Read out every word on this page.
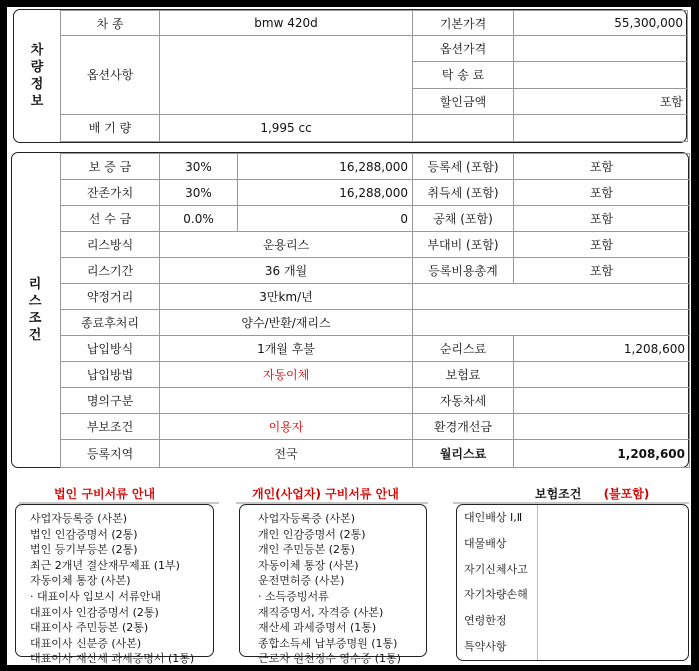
차
량
정
보
차 종	bmw 420d	기본가격	55,300,000
옵션사항		옵션가격	
		탁 송 료	
		할인금액	포함
배 기 량	1,995 cc		
리
스
조
건
보 증 금	30%	16,288,000	등록세 (포함)	포함
잔존가치	30%	16,288,000	취득세 (포함)	포함
선 수 금	0.0%	0	공채 (포함)	포함
리스방식	운용리스		부대비 (포함)	포함
리스기간	36 개월		등록비용총계	포함
약정거리	3만km/년			
종료후처리	양수/반환/재리스			
납입방식	1개월 후불		순리스료	1,208,600
납입방법	자동이체		보험료	
명의구분			자동차세	
부보조건	이용자		환경개선금	
등록지역	전국		월리스료	1,208,600
법인 구비서류 안내	개인(사업자) 구비서류 안내	보험조건 (불포함)
사업자등록증 (사본)
법인 인감증명서 (2통)
법인 등기부등본 (2통)
최근 2개년 결산재무제표 (1부)
자동이체 통장 (사본)
· 대표이사 입보시 서류안내
대표이사 인감증명서 (2통)
대표이사 주민등본 (2통)
대표이사 신분증 (사본)
대표이사 재산세 과세증명서 (1통)
사업자등록증 (사본)
개인 인감증명서 (2통)
개인 주민등본 (2통)
자동이체 통장 (사본)
운전면허증 (사본)
· 소득증빙서류
재직증명서, 자격증 (사본)
재산세 과세증명서 (1통)
종합소득세 납부증명원 (1통)
근로자 원천징수 영수증 (1통)
대인배상 Ⅰ,Ⅱ
대물배상
자기신체사고
자기차량손해
연령한정
특약사항
